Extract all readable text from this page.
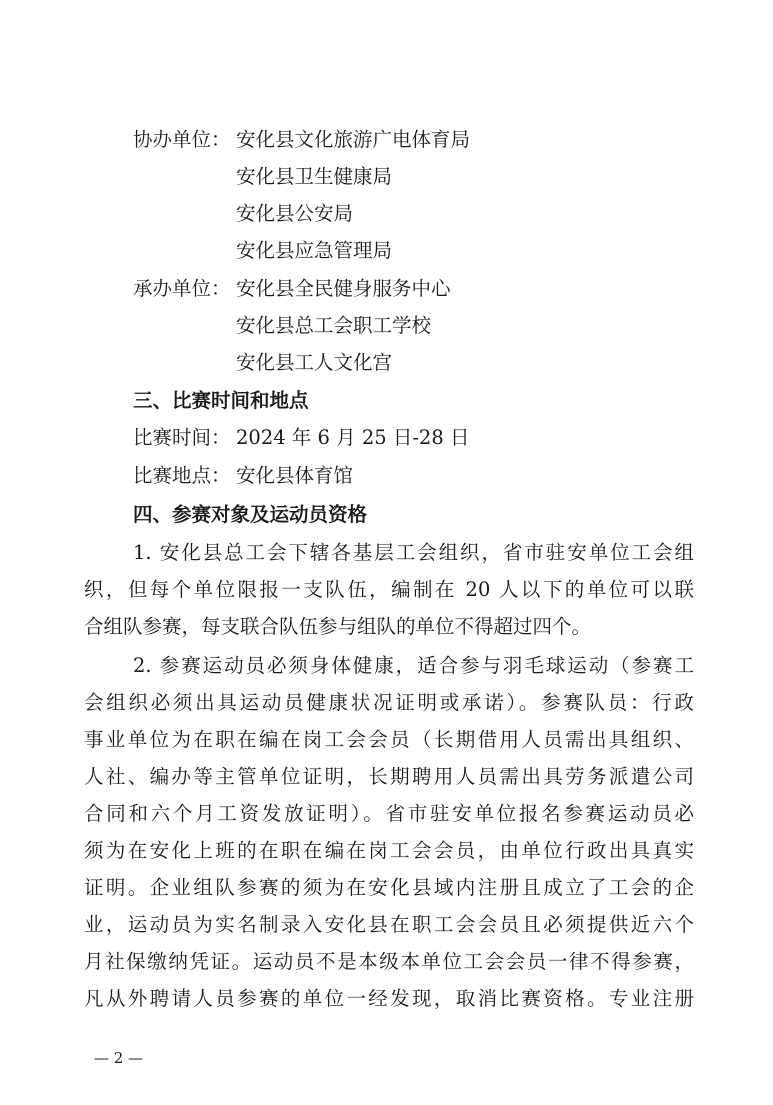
协办单位： 安化县文化旅游广电体育局
安化县卫生健康局
安化县公安局
安化县应急管理局
承办单位： 安化县全民健身服务中心
安化县总工会职工学校
安化县工人文化宫
三、比赛时间和地点
比赛时间： 2024 年 6 月 25 日-28 日
比赛地点： 安化县体育馆
四、参赛对象及运动员资格
1. 安化县总工会下辖各基层工会组织，省市驻安单位工会组
织，但每个单位限报一支队伍，编制在 20 人以下的单位可以联
合组队参赛，每支联合队伍参与组队的单位不得超过四个。
2. 参赛运动员必须身体健康，适合参与羽毛球运动（参赛工
会组织必须出具运动员健康状况证明或承诺）。参赛队员：行政
事业单位为在职在编在岗工会会员（长期借用人员需出具组织、
人社、编办等主管单位证明，长期聘用人员需出具劳务派遣公司
合同和六个月工资发放证明）。省市驻安单位报名参赛运动员必
须为在安化上班的在职在编在岗工会会员，由单位行政出具真实
证明。企业组队参赛的须为在安化县域内注册且成立了工会的企
业，运动员为实名制录入安化县在职工会会员且必须提供近六个
月社保缴纳凭证。运动员不是本级本单位工会会员一律不得参赛，
凡从外聘请人员参赛的单位一经发现，取消比赛资格。专业注册
— 2 —
